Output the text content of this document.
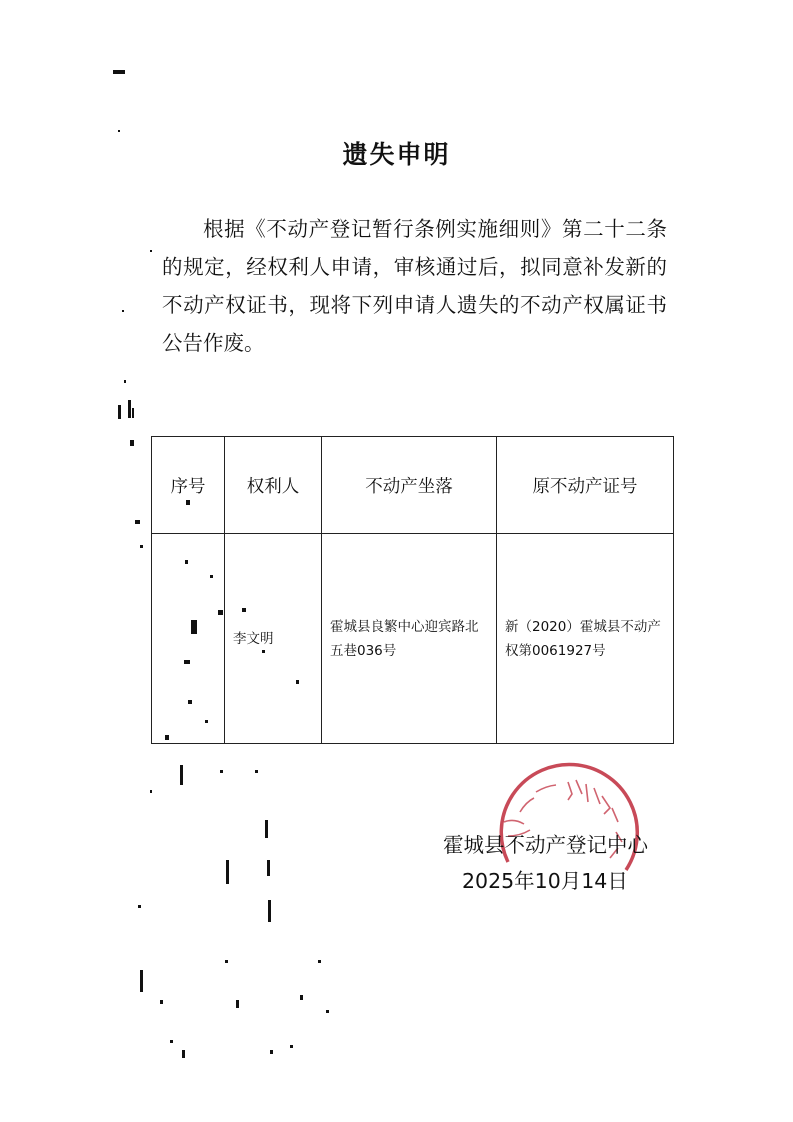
遗失申明
根据《不动产登记暂行条例实施细则》第二十二条的规定，经权利人申请，审核通过后，拟同意补发新的不动产权证书，现将下列申请人遗失的不动产权属证书公告作废。
序号	权利人	不动产坐落	原不动产证号
	李文明	霍城县良繁中心迎宾路北五巷036号	新（2020）霍城县不动产权第0061927号
霍城县不动产登记中心
2025年10月14日
